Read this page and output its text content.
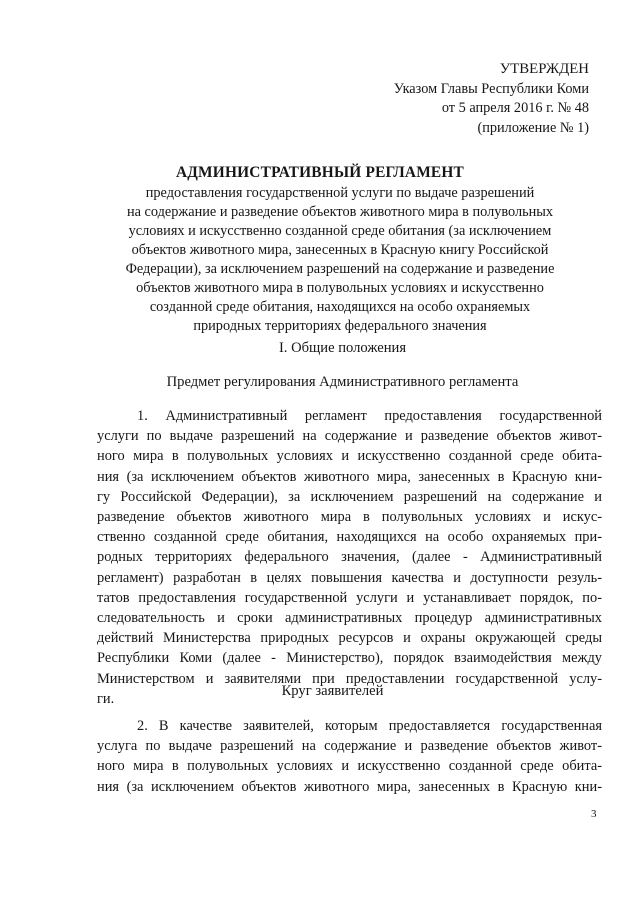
УТВЕРЖДЕН
Указом Главы Республики Коми
от 5 апреля 2016 г. № 48
(приложение № 1)
АДМИНИСТРАТИВНЫЙ РЕГЛАМЕНТ
предоставления государственной услуги по выдаче разрешений
на содержание и разведение объектов животного мира в полувольных
условиях и искусственно созданной среде обитания (за исключением
объектов животного мира, занесенных в Красную книгу Российской
Федерации), за исключением разрешений на содержание и разведение
объектов животного мира в полувольных условиях и искусственно
созданной среде обитания, находящихся на особо охраняемых
природных территориях федерального значения
I. Общие положения
Предмет регулирования Административного регламента
1. Административный регламент предоставления государственной
услуги по выдаче разрешений на содержание и разведение объектов живот-
ного мира в полувольных условиях и искусственно созданной среде обита-
ния (за исключением объектов животного мира, занесенных в Красную кни-
гу Российской Федерации), за исключением разрешений на содержание и
разведение объектов животного мира в полувольных условиях и искус-
ственно созданной среде обитания, находящихся на особо охраняемых при-
родных территориях федерального значения, (далее - Административный
регламент) разработан в целях повышения качества и доступности резуль-
татов предоставления государственной услуги и устанавливает порядок, по-
следовательность и сроки административных процедур административных
действий Министерства природных ресурсов и охраны окружающей среды
Республики Коми (далее - Министерство), порядок взаимодействия между
Министерством и заявителями при предоставлении государственной услу-
ги.	Круг заявителей
2. В качестве заявителей, которым предоставляется государственная
услуга по выдаче разрешений на содержание и разведение объектов живот-
ного мира в полувольных условиях и искусственно созданной среде обита-
ния (за исключением объектов животного мира, занесенных в Красную кни-
3
